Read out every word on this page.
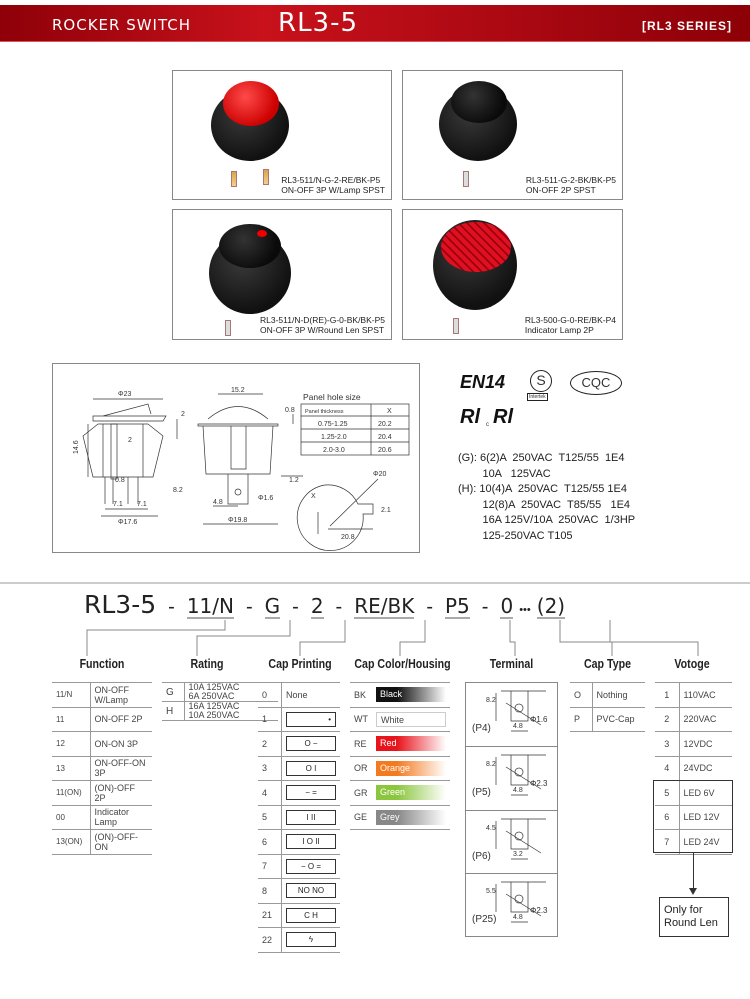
ROCKER SWITCH	RL3-5	[RL3 SERIES]
RL3-511/N-G-2-RE/BK-P5
ON-OFF 3P W/Lamp SPST
RL3-511-G-2-BK/BK-P5
ON-OFF 2P SPST
RL3-511/N-D(RE)-G-0-BK/BK-P5
ON-OFF 3P W/Round Len SPST
RL3-500-G-0-RE/BK-P4
Indicator Lamp 2P
Φ23
2
14.6
2
0.8
8.2
7.1 7.1
Φ17.6
15.2
0.8
1.2
4.8
Φ1.6
Φ19.8
Φ20
X
2.1
20.8
Panel hole size
Panel thickness	X
0.75-1.25	20.2
1.25-2.0	20.4
2.0-3.0	20.6
EN14	S
Intertek
CQC
Rl c Rl
(G): 6(2)A  250VAC  T125/55  1E4
10A   125VAC
(H): 10(4)A  250VAC  T125/55 1E4
12(8)A  250VAC  T85/55   1E4
16A 125V/10A  250VAC  1/3HP
125-250VAC T105
RL3-5 - 11/N - G - 2 - RE/BK - P5 - 0 ••• (2)
Function	Rating	Cap Printing	Cap Color/Housing	Terminal	Cap Type	Votoge
11/N	ON-OFF W/Lamp
11	ON-OFF 2P
12	ON-ON 3P
13	ON-OFF-ON 3P
11(ON)	(ON)-OFF 2P
00	Indicator Lamp
13(ON)	(ON)-OFF-ON
G	10A 125VAC
6A 250VAC

H	16A 125VAC
10A 250VAC
0	None
1	•

2	O −

3	O I

4	− =

5	I II

6	I O II

7	− O =

8	NO NO

21	C H

22	ϟ
BK	Black

WT	White

RE	Red

OR	Orange

GR	Green

GE	Grey
(P4)
8.2
4.8
Φ1.6
(P5)
8.2
4.8
Φ2.3
(P6)
4.5
3.2
(P25)
5.5
4.8
Φ2.3
O	Nothing
P	PVC-Cap
1	110VAC
2	220VAC
3	12VDC
4	24VDC
5	LED 6V
6	LED 12V
7	LED 24V
Only for Round Len
